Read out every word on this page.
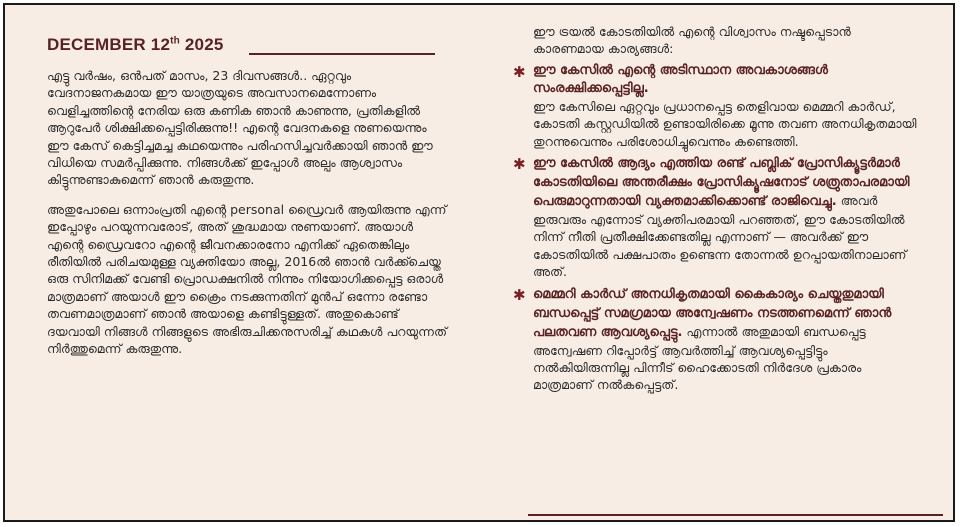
DECEMBER 12th 2025

എട്ടു വർഷം, ഒൻപത് മാസം, 23 ദിവസങ്ങൾ.. ഏറ്റവും വേദനാജനകമായ ഈ യാത്രയുടെ അവസാനമെന്നോണം വെളിച്ചത്തിന്റെ നേരിയ ഒരു കണിക ഞാൻ കാണുന്നു, പ്രതികളിൽ ആറുപേർ ശിക്ഷിക്കപ്പെട്ടിരിക്കുന്നു!! എന്റെ വേദനകളെ നുണയെന്നും ഈ കേസ് കെട്ടിച്ചമച്ച കഥയെന്നും പരിഹസിച്ചവർക്കായി ഞാൻ ഈ വിധിയെ സമർപ്പിക്കുന്നു. നിങ്ങൾക്ക് ഇപ്പോൾ അല്പം ആശ്വാസം കിട്ടുന്നുണ്ടാകുമെന്ന് ഞാൻ കരുതുന്നു.

അതുപോലെ ഒന്നാംപ്രതി എന്റെ personal ഡ്രൈവർ ആയിരുന്നു എന്ന് ഇപ്പോഴും പറയുന്നവരോട്, അത് ശുദ്ധമായ നുണയാണ്. അയാൾ എന്റെ ഡ്രൈവറോ എന്റെ ജീവനക്കാരനോ എനിക്ക് ഏതെങ്കിലും രീതിയിൽ പരിചയമുള്ള വ്യക്തിയോ അല്ല, 2016ൽ ഞാൻ വർക്ക്ചെയ്ത ഒരു സിനിമക്ക് വേണ്ടി പ്രൊഡക്ഷനിൽ നിന്നും നിയോഗിക്കപ്പെട്ട ഒരാൾ മാത്രമാണ് അയാൾ ഈ ക്രൈം നടക്കുന്നതിന് മുൻപ് ഒന്നോ രണ്ടോ തവണമാത്രമാണ് ഞാൻ അയാളെ കണ്ടിട്ടുള്ളത്. അതുകൊണ്ട് ദയവായി നിങ്ങൾ നിങ്ങളുടെ അഭിരുചിക്കനുസരിച്ച് കഥകൾ പറയുന്നത് നിർത്തുമെന്ന് കരുതുന്നു.

ഈ ട്രയൽ കോടതിയിൽ എന്റെ വിശ്വാസം നഷ്ടപ്പെടാൻ കാരണമായ കാര്യങ്ങൾ:

✱ ഈ കേസിൽ എന്റെ അടിസ്ഥാന അവകാശങ്ങൾ സംരക്ഷിക്കപ്പെട്ടില്ല.
ഈ കേസിലെ ഏറ്റവും പ്രധാനപ്പെട്ട തെളിവായ മെമ്മറി കാർഡ്, കോടതി കസ്റ്റഡിയിൽ ഉണ്ടായിരിക്കെ മൂന്നു തവണ അനധികൃതമായി തുറന്നുവെന്നും പരിശോധിച്ചുവെന്നും കണ്ടെത്തി.
✱ ഈ കേസിൽ ആദ്യം എത്തിയ രണ്ട് പബ്ലിക് പ്രോസിക്യൂട്ടർമാർ കോടതിയിലെ അന്തരീക്ഷം പ്രോസിക്യൂഷനോട് ശത്രുതാപരമായി പെരുമാറുന്നതായി വ്യക്തമാക്കിക്കൊണ്ട് രാജിവെച്ചു. അവർ ഇരുവരും എന്നോട് വ്യക്തിപരമായി പറഞ്ഞത്, ഈ കോടതിയിൽ നിന്ന് നീതി പ്രതീക്ഷിക്കേണ്ടതില്ല എന്നാണ് — അവർക്ക് ഈ കോടതിയിൽ പക്ഷപാതം ഉണ്ടെന്ന തോന്നൽ ഉറപ്പായതിനാലാണ് അത്.
✱ മെമ്മറി കാർഡ് അനധികൃതമായി കൈകാര്യം ചെയ്തതുമായി ബന്ധപ്പെട്ട് സമഗ്രമായ അന്വേഷണം നടത്തണമെന്ന് ഞാൻ പലതവണ ആവശ്യപ്പെട്ടു. എന്നാൽ അതുമായി ബന്ധപ്പെട്ട അന്വേഷണ റിപ്പോർട്ട് ആവർത്തിച്ച് ആവശ്യപ്പെട്ടിട്ടും നൽകിയിരുന്നില്ല പിന്നീട് ഹൈക്കോടതി നിർദേശ പ്രകാരം മാത്രമാണ് നൽകപ്പെട്ടത്.
